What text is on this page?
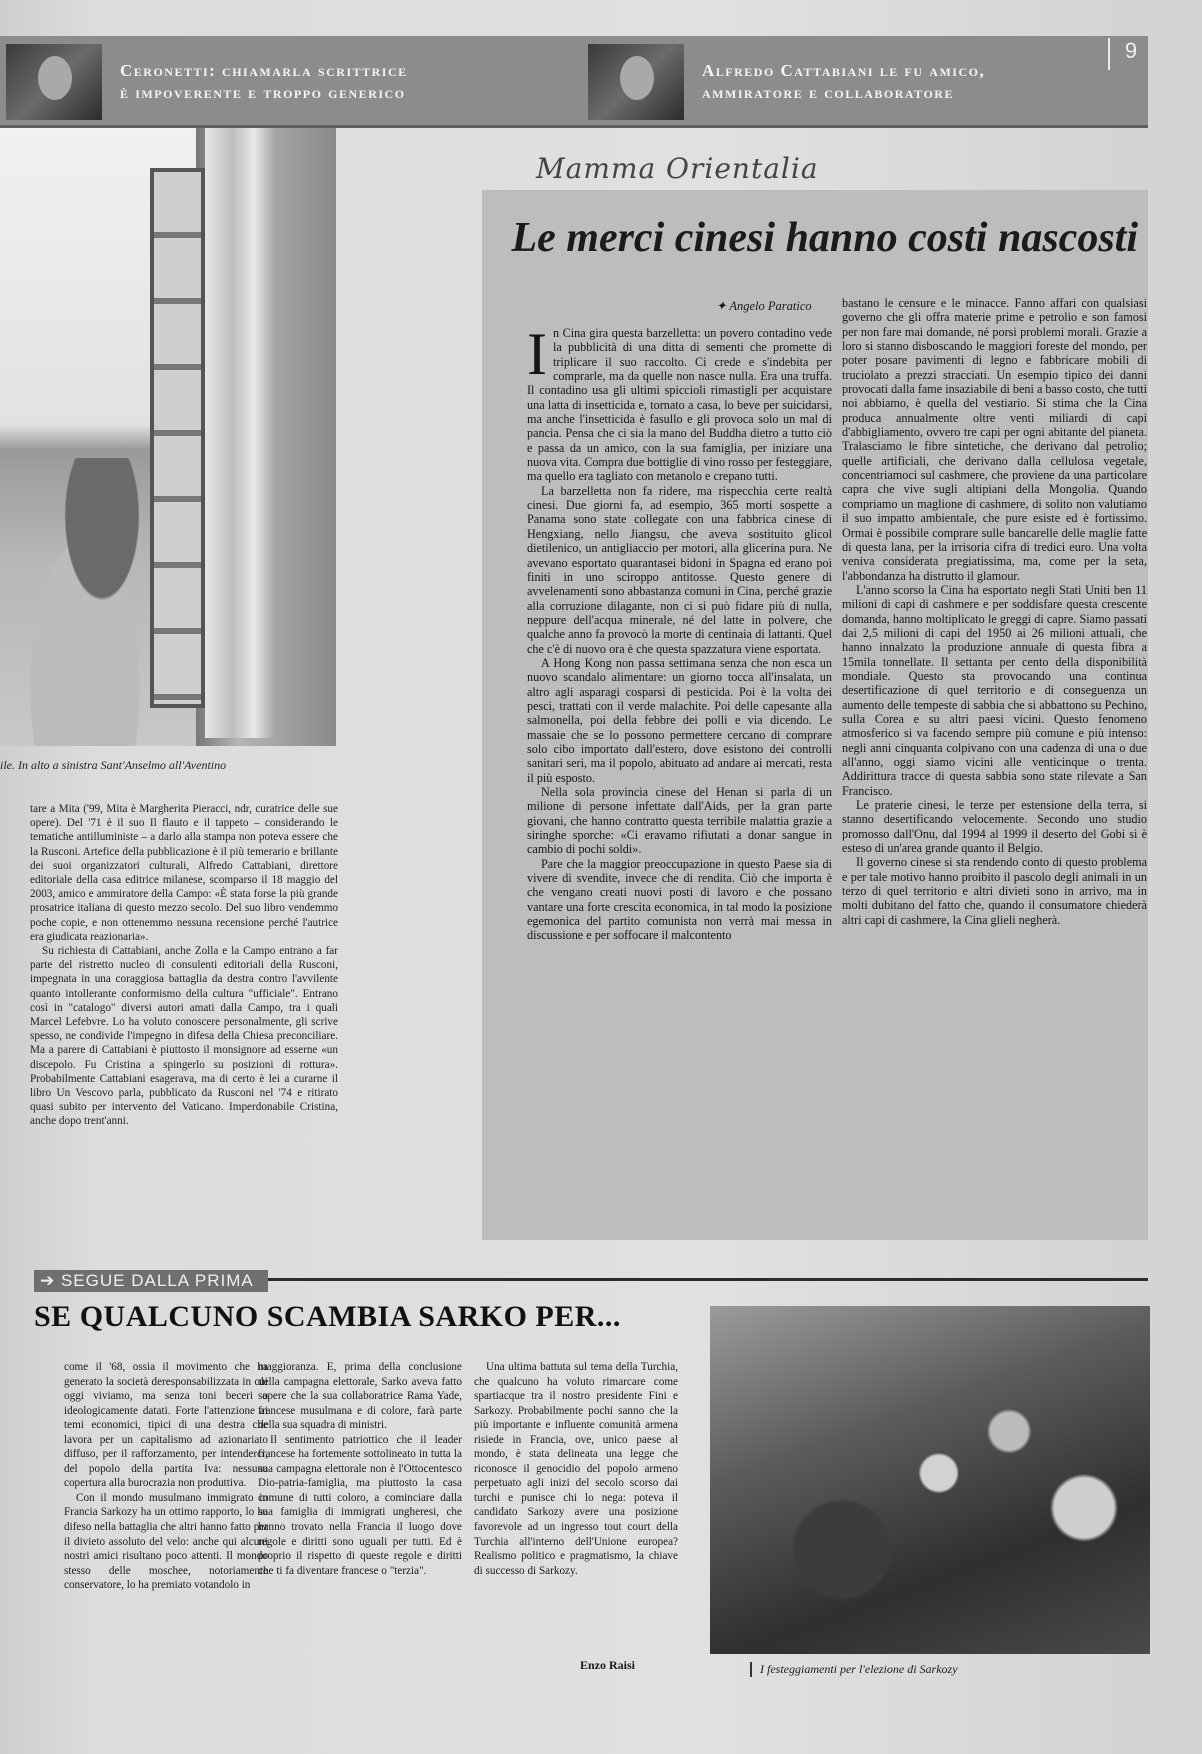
Ceronetti: chiamarla scrittrice
è impoverente e troppo generico
Alfredo Cattabiani le fu amico,
ammiratore e collaboratore
9
ile. In alto a sinistra Sant'Anselmo all'Aventino

tare a Mita ('99, Mita è Margherita Pieracci, ndr, curatrice delle sue opere). Del '71 è il suo Il flauto e il tappeto – considerando le tematiche antilluministe – a darlo alla stampa non poteva essere che la Rusconi. Artefice della pubblicazione è il più temerario e brillante dei suoi organizzatori culturali, Alfredo Cattabiani, direttore editoriale della casa editrice milanese, scomparso il 18 maggio del 2003, amico e ammiratore della Campo: «È stata forse la più grande prosatrice italiana di questo mezzo secolo. Del suo libro vendemmo poche copie, e non ottenemmo nessuna recensione perché l'autrice era giudicata reazionaria».

Su richiesta di Cattabiani, anche Zolla e la Campo entrano a far parte del ristretto nucleo di consulenti editoriali della Rusconi, impegnata in una coraggiosa battaglia da destra contro l'avvilente quanto intollerante conformismo della cultura "ufficiale". Entrano così in "catalogo" diversi autori amati dalla Campo, tra i quali Marcel Lefebvre. Lo ha voluto conoscere personalmente, gli scrive spesso, ne condivide l'impegno in difesa della Chiesa preconciliare. Ma a parere di Cattabiani è piuttosto il monsignore ad esserne «un discepolo. Fu Cristina a spingerlo su posizioni di rottura». Probabilmente Cattabiani esagerava, ma di certo è lei a curarne il libro Un Vescovo parla, pubblicato da Rusconi nel '74 e ritirato quasi subito per intervento del Vaticano. Imperdonabile Cristina, anche dopo trent'anni.

Mamma Orientalia
Le merci cinesi hanno costi nascosti
✦ Angelo Paratico

In Cina gira questa barzelletta: un povero contadino vede la pubblicità di una ditta di sementi che promette di triplicare il suo raccolto. Ci crede e s'indebita per comprarle, ma da quelle non nasce nulla. Era una truffa. Il contadino usa gli ultimi spiccioli rimastigli per acquistare una latta di insetticida e, tornato a casa, lo beve per suicidarsi, ma anche l'insetticida è fasullo e gli provoca solo un mal di pancia. Pensa che ci sia la mano del Buddha dietro a tutto ciò e passa da un amico, con la sua famiglia, per iniziare una nuova vita. Compra due bottiglie di vino rosso per festeggiare, ma quello era tagliato con metanolo e crepano tutti.

La barzelletta non fa ridere, ma rispecchia certe realtà cinesi. Due giorni fa, ad esempio, 365 morti sospette a Panama sono state collegate con una fabbrica cinese di Hengxiang, nello Jiangsu, che aveva sostituito glicol dietilenico, un antigliaccio per motori, alla glicerina pura. Ne avevano esportato quarantasei bidoni in Spagna ed erano poi finiti in uno sciroppo antitosse. Questo genere di avvelenamenti sono abbastanza comuni in Cina, perché grazie alla corruzione dilagante, non ci si può fidare più di nulla, neppure dell'acqua minerale, né del latte in polvere, che qualche anno fa provocò la morte di centinaia di lattanti. Quel che c'è di nuovo ora è che questa spazzatura viene esportata.

A Hong Kong non passa settimana senza che non esca un nuovo scandalo alimentare: un giorno tocca all'insalata, un altro agli asparagi cosparsi di pesticida. Poi è la volta dei pesci, trattati con il verde malachite. Poi delle capesante alla salmonella, poi della febbre dei polli e via dicendo. Le massaie che se lo possono permettere cercano di comprare solo cibo importato dall'estero, dove esistono dei controlli sanitari seri, ma il popolo, abituato ad andare ai mercati, resta il più esposto.

Nella sola provincia cinese del Henan si parla di un milione di persone infettate dall'Aids, per la gran parte giovani, che hanno contratto questa terribile malattia grazie a siringhe sporche: «Ci eravamo rifiutati a donar sangue in cambio di pochi soldi».

Pare che la maggior preoccupazione in questo Paese sia di vivere di svendite, invece che di rendita. Ciò che importa è che vengano creati nuovi posti di lavoro e che possano vantare una forte crescita economica, in tal modo la posizione egemonica del partito comunista non verrà mai messa in discussione e per soffocare il malcontento

bastano le censure e le minacce. Fanno affari con qualsiasi governo che gli offra materie prime e petrolio e son famosi per non fare mai domande, né porsi problemi morali. Grazie a loro si stanno disboscando le maggiori foreste del mondo, per poter posare pavimenti di legno e fabbricare mobili di truciolato a prezzi stracciati. Un esempio tipico dei danni provocati dalla fame insaziabile di beni a basso costo, che tutti noi abbiamo, è quella del vestiario. Si stima che la Cina produca annualmente oltre venti miliardi di capi d'abbigliamento, ovvero tre capi per ogni abitante del pianeta. Tralasciamo le fibre sintetiche, che derivano dal petrolio; quelle artificiali, che derivano dalla cellulosa vegetale, concentriamoci sul cashmere, che proviene da una particolare capra che vive sugli altipiani della Mongolia. Quando compriamo un maglione di cashmere, di solito non valutiamo il suo impatto ambientale, che pure esiste ed è fortissimo. Ormai è possibile comprare sulle bancarelle delle maglie fatte di questa lana, per la irrisoria cifra di tredici euro. Una volta veniva considerata pregiatissima, ma, come per la seta, l'abbondanza ha distrutto il glamour.

L'anno scorso la Cina ha esportato negli Stati Uniti ben 11 milioni di capi di cashmere e per soddisfare questa crescente domanda, hanno moltiplicato le greggi di capre. Siamo passati dai 2,5 milioni di capi del 1950 ai 26 milioni attuali, che hanno innalzato la produzione annuale di questa fibra a 15mila tonnellate. Il settanta per cento della disponibilità mondiale. Questo sta provocando una continua desertificazione di quel territorio e di conseguenza un aumento delle tempeste di sabbia che si abbattono su Pechino, sulla Corea e su altri paesi vicini. Questo fenomeno atmosferico si va facendo sempre più comune e più intenso: negli anni cinquanta colpivano con una cadenza di una o due all'anno, oggi siamo vicini alle venticinque o trenta. Addirittura tracce di questa sabbia sono state rilevate a San Francisco.

Le praterie cinesi, le terze per estensione della terra, si stanno desertificando velocemente. Secondo uno studio promosso dall'Onu, dal 1994 al 1999 il deserto del Gobi si è esteso di un'area grande quanto il Belgio.

Il governo cinese si sta rendendo conto di questo problema e per tale motivo hanno proibito il pascolo degli animali in un terzo di quel territorio e altri divieti sono in arrivo, ma in molti dubitano del fatto che, quando il consumatore chiederà altri capi di cashmere, la Cina glieli negherà.

➔ SEGUE DALLA PRIMA
SE QUALCUNO SCAMBIA SARKO PER...

come il '68, ossia il movimento che ha generato la società deresponsabilizzata in cui oggi viviamo, ma senza toni beceri o ideologicamente datati. Forte l'attenzione ai temi economici, tipici di una destra che lavora per un capitalismo ad azionariato diffuso, per il rafforzamento, per intenderci, del popolo della partita Iva: nessuna copertura alla burocrazia non produttiva.

Con il mondo musulmano immigrato in Francia Sarkozy ha un ottimo rapporto, lo ha difeso nella battaglia che altri hanno fatto per il divieto assoluto del velo: anche qui alcuni nostri amici risultano poco attenti. Il mondo stesso delle moschee, notoriamente conservatore, lo ha premiato votandolo in

maggioranza. E, prima della conclusione della campagna elettorale, Sarko aveva fatto sapere che la sua collaboratrice Rama Yade, francese musulmana e di colore, farà parte della sua squadra di ministri.

Il sentimento patriottico che il leader francese ha fortemente sottolineato in tutta la sua campagna elettorale non è l'Ottocentesco Dio-patria-famiglia, ma piuttosto la casa comune di tutti coloro, a cominciare dalla sua famiglia di immigrati ungheresi, che hanno trovato nella Francia il luogo dove regole e diritti sono uguali per tutti. Ed è proprio il rispetto di queste regole e diritti che ti fa diventare francese o "terzia".

Una ultima battuta sul tema della Turchia, che qualcuno ha voluto rimarcare come spartiacque tra il nostro presidente Fini e Sarkozy. Probabilmente pochi sanno che la più importante e influente comunità armena risiede in Francia, ove, unico paese al mondo, è stata delineata una legge che riconosce il genocidio del popolo armeno perpetuato agli inizi del secolo scorso dai turchi e punisce chi lo nega: poteva il candidato Sarkozy avere una posizione favorevole ad un ingresso tout court della Turchia all'interno dell'Unione europea? Realismo politico e pragmatismo, la chiave di successo di Sarkozy.

Enzo Raisi	I festeggiamenti per l'elezione di Sarkozy
